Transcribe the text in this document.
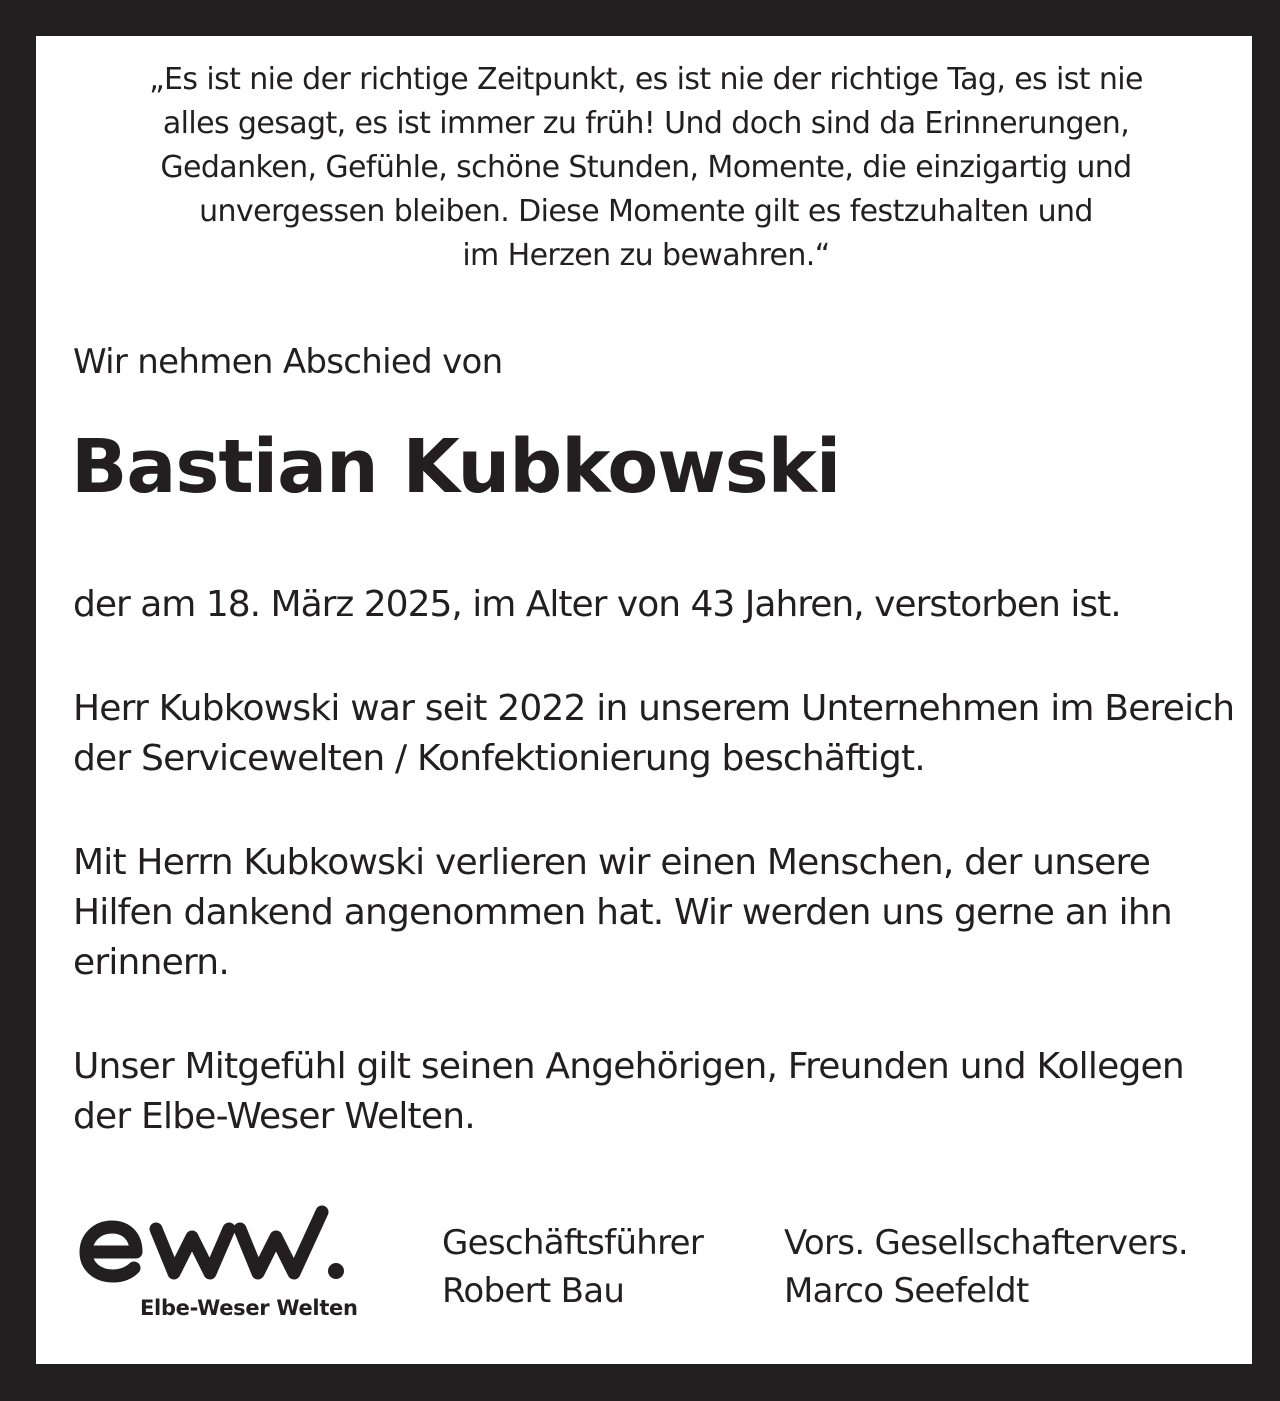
„Es ist nie der richtige Zeitpunkt, es ist nie der richtige Tag, es ist nie
alles gesagt, es ist immer zu früh! Und doch sind da Erinnerungen,
Gedanken, Gefühle, schöne Stunden, Momente, die einzigartig und
unvergessen bleiben. Diese Momente gilt es festzuhalten und
im Herzen zu bewahren.“

Wir nehmen Abschied von

Bastian Kubkowski

der am 18. März 2025, im Alter von 43 Jahren, verstorben ist.

Herr Kubkowski war seit 2022 in unserem Unternehmen im Bereich der Servicewelten / Konfektionierung beschäftigt.

Mit Herrn Kubkowski verlieren wir einen Menschen, der unsere Hilfen dankend angenommen hat. Wir werden uns gerne an ihn erinnern.

Unser Mitgefühl gilt seinen Angehörigen, Freunden und Kollegen der Elbe-Weser Welten.

Elbe-Weser Welten
Geschäftsführer
Robert Bau
Vors. Gesellschaftervers.
Marco Seefeldt
